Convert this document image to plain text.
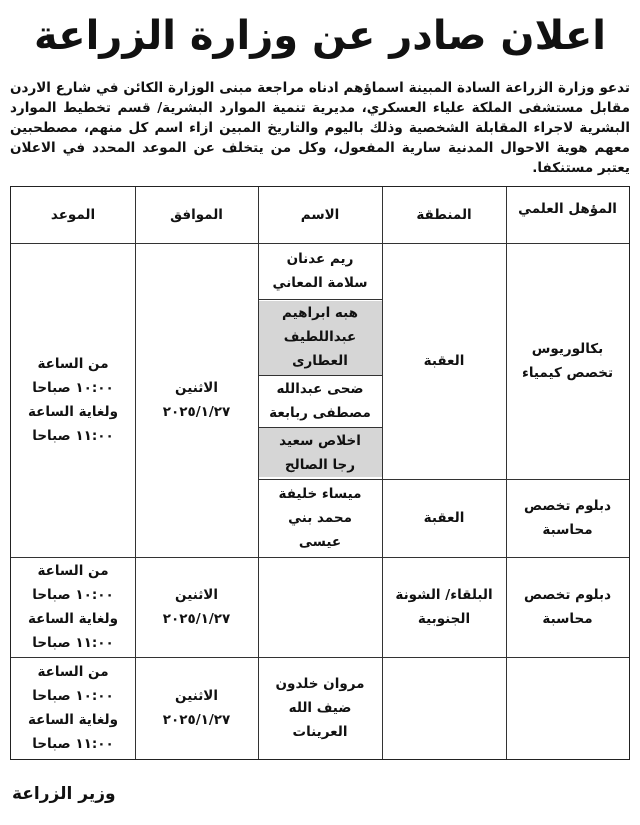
اعلان صادر عن وزارة الزراعة
تدعو وزارة الزراعة السادة المبينة اسماؤهم ادناه مراجعة مبنى الوزارة الكائن في شارع الاردن مقابل مستشفى الملكة علياء العسكري، مديرية تنمية الموارد البشرية/ قسم تخطيط الموارد البشرية لاجراء المقابلة الشخصية وذلك باليوم والتاريخ المبين ازاء اسم كل منهم، مصطحبين معهم هوية الاحوال المدنية سارية المفعول، وكل من يتخلف عن الموعد المحدد في الاعلان يعتبر مستنكفا.
المؤهل العلمي
المنطقة
الاسم
الموافق
الموعد
بكالوريوس
تخصص كيمياء
العقبة
ريم عدنان
سلامة المعاني
هبه ابراهيم
عبداللطيف
العطارى
ضحى عبدالله
مصطفى ربابعة
اخلاص سعيد
رجا الصالح
الاثنين
٢٠٢٥/١/٢٧
من الساعة
١٠:٠٠ صباحا
ولغاية الساعة
١١:٠٠ صباحا
دبلوم تخصص
محاسبة
العقبة
ميساء خليفة
محمد بني
عيسى
دبلوم تخصص
محاسبة
البلقاء/ الشونة
الجنوبية
الاثنين
٢٠٢٥/١/٢٧
من الساعة
١٠:٠٠ صباحا
ولغاية الساعة
١١:٠٠ صباحا
مروان خلدون
ضيف الله
العرينات
الاثنين
٢٠٢٥/١/٢٧
من الساعة
١٠:٠٠ صباحا
ولغاية الساعة
١١:٠٠ صباحا
وزير الزراعة
